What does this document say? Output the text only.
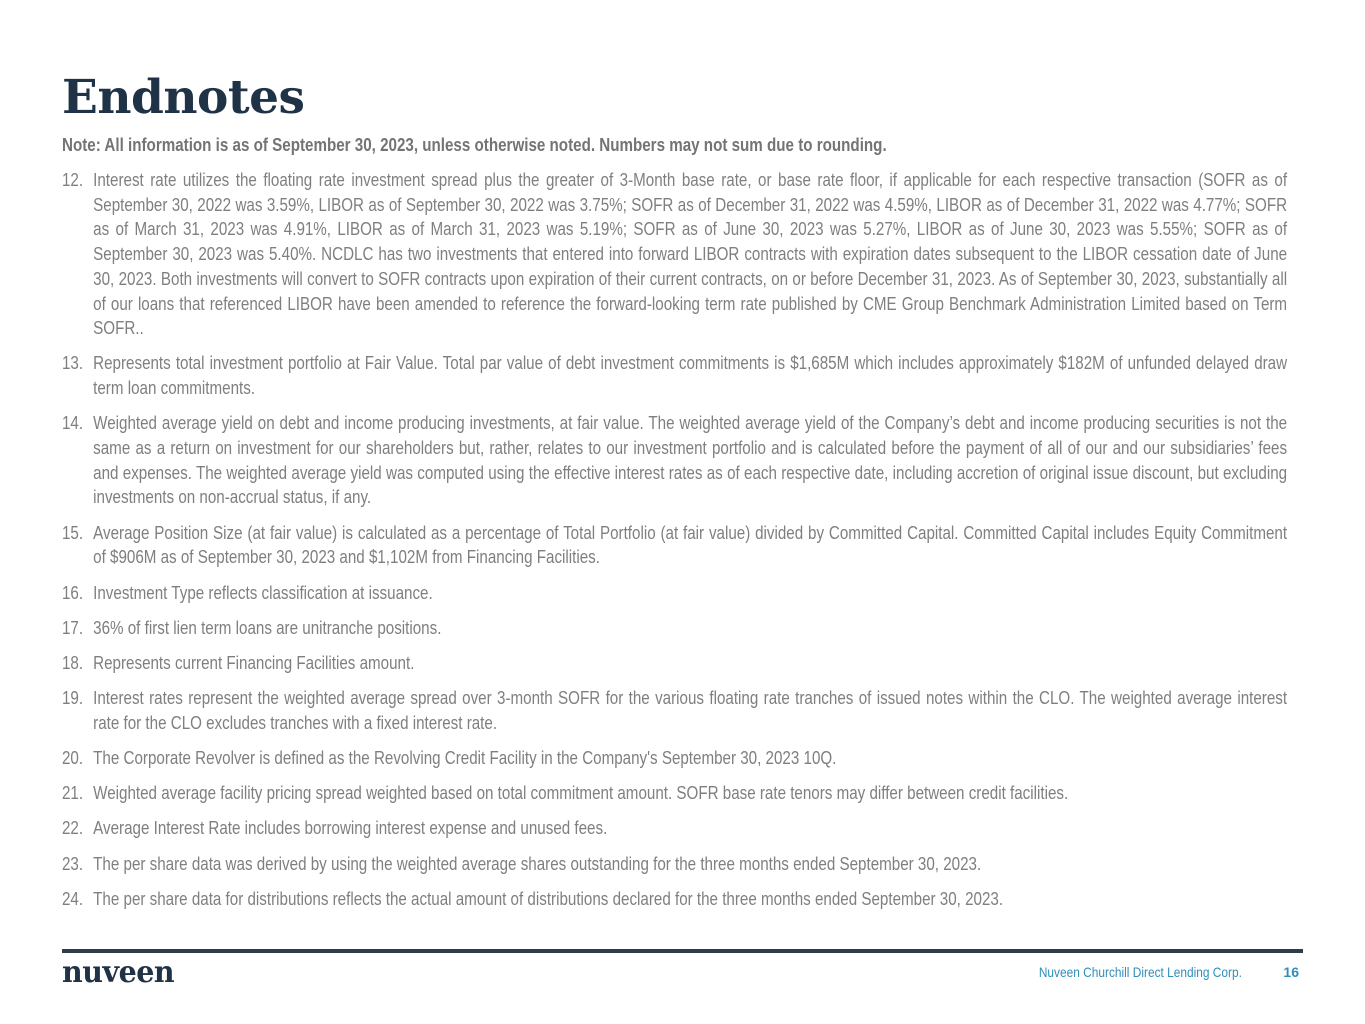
Endnotes

Note: All information is as of September 30, 2023, unless otherwise noted. Numbers may not sum due to rounding.

12. Interest rate utilizes the floating rate investment spread plus the greater of 3-Month base rate, or base rate floor, if applicable for each respective transaction (SOFR as of September 30, 2022 was 3.59%, LIBOR as of September 30, 2022 was 3.75%; SOFR as of December 31, 2022 was 4.59%, LIBOR as of December 31, 2022 was 4.77%; SOFR as of March 31, 2023 was 4.91%, LIBOR as of March 31, 2023 was 5.19%; SOFR as of June 30, 2023 was 5.27%, LIBOR as of June 30, 2023 was 5.55%; SOFR as of September 30, 2023 was 5.40%. NCDLC has two investments that entered into forward LIBOR contracts with expiration dates subsequent to the LIBOR cessation date of June 30, 2023. Both investments will convert to SOFR contracts upon expiration of their current contracts, on or before December 31, 2023. As of September 30, 2023, substantially all of our loans that referenced LIBOR have been amended to reference the forward-looking term rate published by CME Group Benchmark Administration Limited based on Term SOFR..
13. Represents total investment portfolio at Fair Value. Total par value of debt investment commitments is $1,685M which includes approximately $182M of unfunded delayed draw term loan commitments.
14. Weighted average yield on debt and income producing investments, at fair value. The weighted average yield of the Company’s debt and income producing securities is not the same as a return on investment for our shareholders but, rather, relates to our investment portfolio and is calculated before the payment of all of our and our subsidiaries’ fees and expenses. The weighted average yield was computed using the effective interest rates as of each respective date, including accretion of original issue discount, but excluding investments on non-accrual status, if any.
15. Average Position Size (at fair value) is calculated as a percentage of Total Portfolio (at fair value) divided by Committed Capital. Committed Capital includes Equity Commitment of $906M as of September 30, 2023 and $1,102M from Financing Facilities.
16. Investment Type reflects classification at issuance.
17. 36% of first lien term loans are unitranche positions.
18. Represents current Financing Facilities amount.
19. Interest rates represent the weighted average spread over 3-month SOFR for the various floating rate tranches of issued notes within the CLO. The weighted average interest rate for the CLO excludes tranches with a fixed interest rate.
20. The Corporate Revolver is defined as the Revolving Credit Facility in the Company's September 30, 2023 10Q.
21. Weighted average facility pricing spread weighted based on total commitment amount. SOFR base rate tenors may differ between credit facilities.
22. Average Interest Rate includes borrowing interest expense and unused fees.
23. The per share data was derived by using the weighted average shares outstanding for the three months ended September 30, 2023.
24. The per share data for distributions reflects the actual amount of distributions declared for the three months ended September 30, 2023.
nuveen	Nuveen Churchill Direct Lending Corp.	16
